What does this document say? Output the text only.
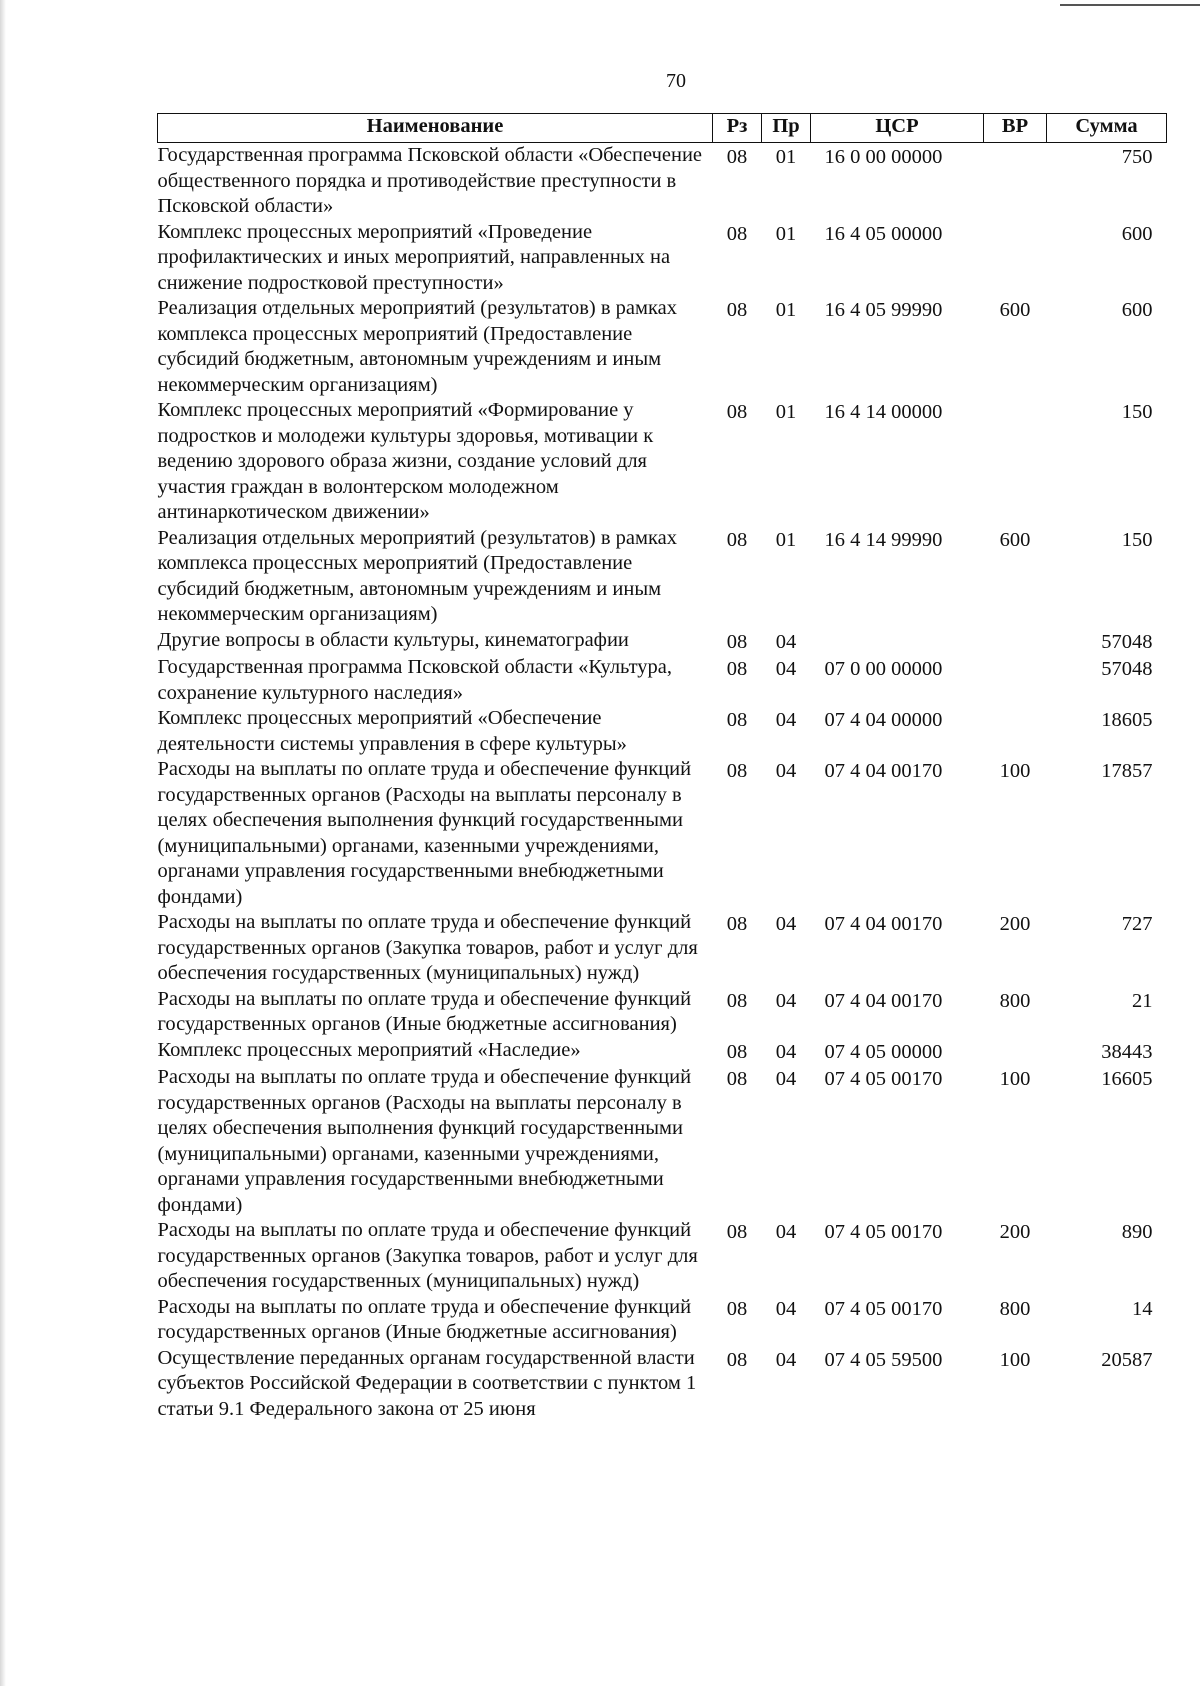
70
Наименование	Рз	Пр	ЦСР	ВР	Сумма
Государственная программа Псковской области «Обеспечение общественного порядка и противодействие преступности в Псковской области»	08	01	16 0 00 00000		750
Комплекс процессных мероприятий «Проведение профилактических и иных мероприятий, направленных на снижение подростковой преступности»	08	01	16 4 05 00000		600
Реализация отдельных мероприятий (результатов) в рамках комплекса процессных мероприятий (Предоставление субсидий бюджетным, автономным учреждениям и иным некоммерческим организациям)	08	01	16 4 05 99990	600	600
Комплекс процессных мероприятий «Формирование у подростков и молодежи культуры здоровья, мотивации к ведению здорового образа жизни, создание условий для участия граждан в волонтерском молодежном антинаркотическом движении»	08	01	16 4 14 00000		150
Реализация отдельных мероприятий (результатов) в рамках комплекса процессных мероприятий (Предоставление субсидий бюджетным, автономным учреждениям и иным некоммерческим организациям)	08	01	16 4 14 99990	600	150
Другие вопросы в области культуры, кинематографии	08	04			57048
Государственная программа Псковской области «Культура, сохранение культурного наследия»	08	04	07 0 00 00000		57048
Комплекс процессных мероприятий «Обеспечение деятельности системы управления в сфере культуры»	08	04	07 4 04 00000		18605
Расходы на выплаты по оплате труда и обеспечение функций государственных органов (Расходы на выплаты персоналу в целях обеспечения выполнения функций государственными (муниципальными) органами, казенными учреждениями, органами управления государственными внебюджетными фондами)	08	04	07 4 04 00170	100	17857
Расходы на выплаты по оплате труда и обеспечение функций государственных органов (Закупка товаров, работ и услуг для обеспечения государственных (муниципальных) нужд)	08	04	07 4 04 00170	200	727
Расходы на выплаты по оплате труда и обеспечение функций государственных органов (Иные бюджетные ассигнования)	08	04	07 4 04 00170	800	21
Комплекс процессных мероприятий «Наследие»	08	04	07 4 05 00000		38443
Расходы на выплаты по оплате труда и обеспечение функций государственных органов (Расходы на выплаты персоналу в целях обеспечения выполнения функций государственными (муниципальными) органами, казенными учреждениями, органами управления государственными внебюджетными фондами)	08	04	07 4 05 00170	100	16605
Расходы на выплаты по оплате труда и обеспечение функций государственных органов (Закупка товаров, работ и услуг для обеспечения государственных (муниципальных) нужд)	08	04	07 4 05 00170	200	890
Расходы на выплаты по оплате труда и обеспечение функций государственных органов (Иные бюджетные ассигнования)	08	04	07 4 05 00170	800	14
Осуществление переданных органам государственной власти субъектов Российской Федерации в соответствии с пунктом 1 статьи 9.1 Федерального закона от 25 июня	08	04	07 4 05 59500	100	20587
